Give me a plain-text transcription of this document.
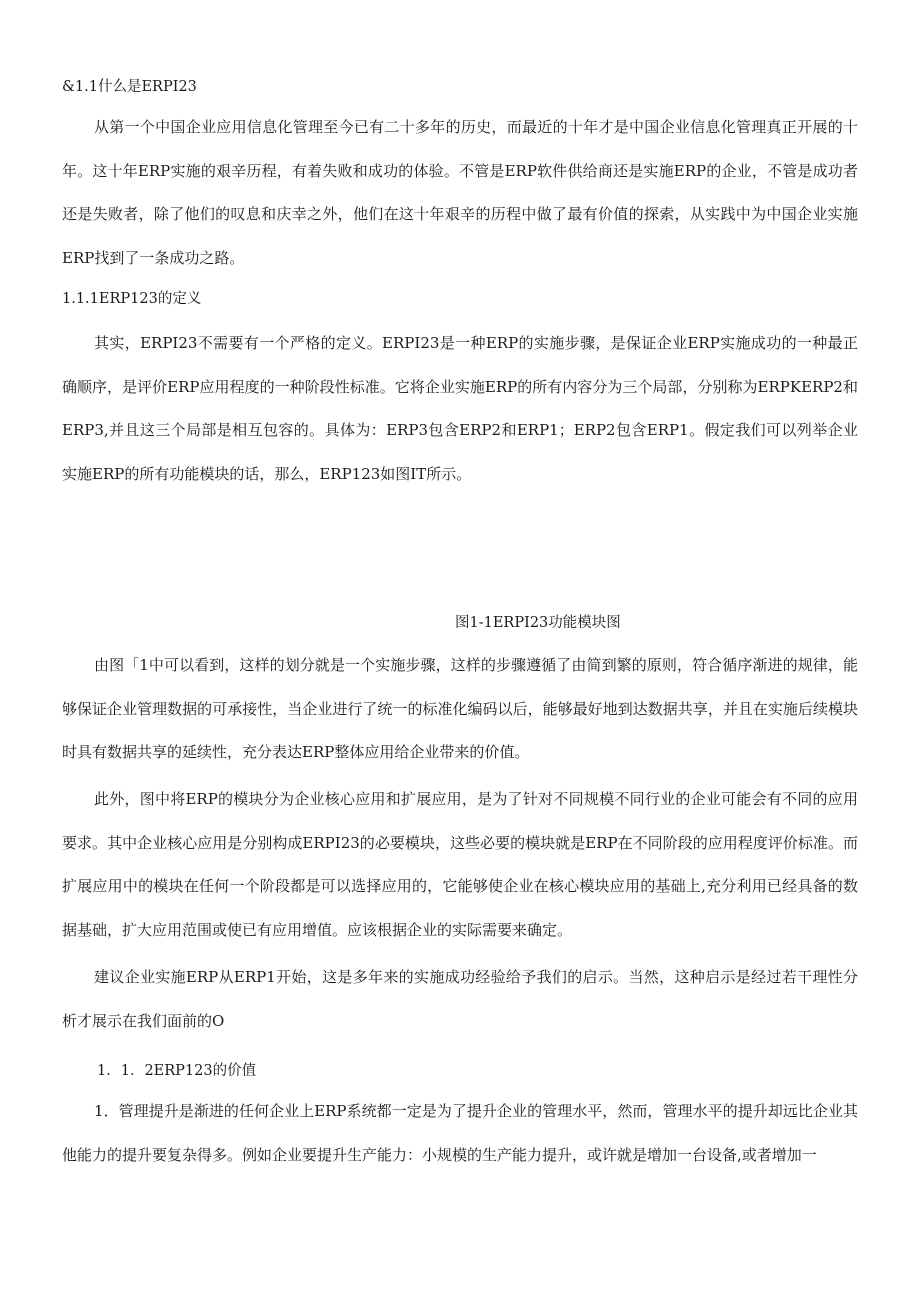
&1.1什么是ERPI23

从第一个中国企业应用信息化管理至今已有二十多年的历史，而最近的十年才是中国企业信息化管理真正开展的十年。这十年ERP实施的艰辛历程，有着失败和成功的体验。不管是ERP软件供给商还是实施ERP的企业，不管是成功者还是失败者，除了他们的叹息和庆幸之外，他们在这十年艰辛的历程中做了最有价值的探索，从实践中为中国企业实施ERP找到了一条成功之路。

1.1.1ERP123的定义

其实，ERPI23不需要有一个严格的定义。ERPI23是一种ERP的实施步骤，是保证企业ERP实施成功的一种最正确顺序，是评价ERP应用程度的一种阶段性标准。它将企业实施ERP的所有内容分为三个局部，分别称为ERPKERP2和ERP3,并且这三个局部是相互包容的。具体为：ERP3包含ERP2和ERP1；ERP2包含ERP1。假定我们可以列举企业实施ERP的所有功能模块的话，那么，ERP123如图IT所示。

图1-1ERPI23功能模块图

由图「1中可以看到，这样的划分就是一个实施步骤，这样的步骤遵循了由简到繁的原则，符合循序渐进的规律，能够保证企业管理数据的可承接性，当企业进行了统一的标准化编码以后，能够最好地到达数据共享，并且在实施后续模块时具有数据共享的延续性，充分表达ERP整体应用给企业带来的价值。

此外，图中将ERP的模块分为企业核心应用和扩展应用，是为了针对不同规模不同行业的企业可能会有不同的应用要求。其中企业核心应用是分别构成ERPI23的必要模块，这些必要的模块就是ERP在不同阶段的应用程度评价标准。而扩展应用中的模块在任何一个阶段都是可以选择应用的，它能够使企业在核心模块应用的基础上,充分利用已经具备的数据基础，扩大应用范围或使已有应用增值。应该根据企业的实际需要来确定。

建议企业实施ERP从ERP1开始，这是多年来的实施成功经验给予我们的启示。当然，这种启示是经过若干理性分析才展示在我们面前的O

1．1．2ERP123的价值

1．管理提升是渐进的任何企业上ERP系统都一定是为了提升企业的管理水平，然而，管理水平的提升却远比企业其他能力的提升要复杂得多。例如企业要提升生产能力：小规模的生产能力提升，或许就是增加一台设备,或者增加一
